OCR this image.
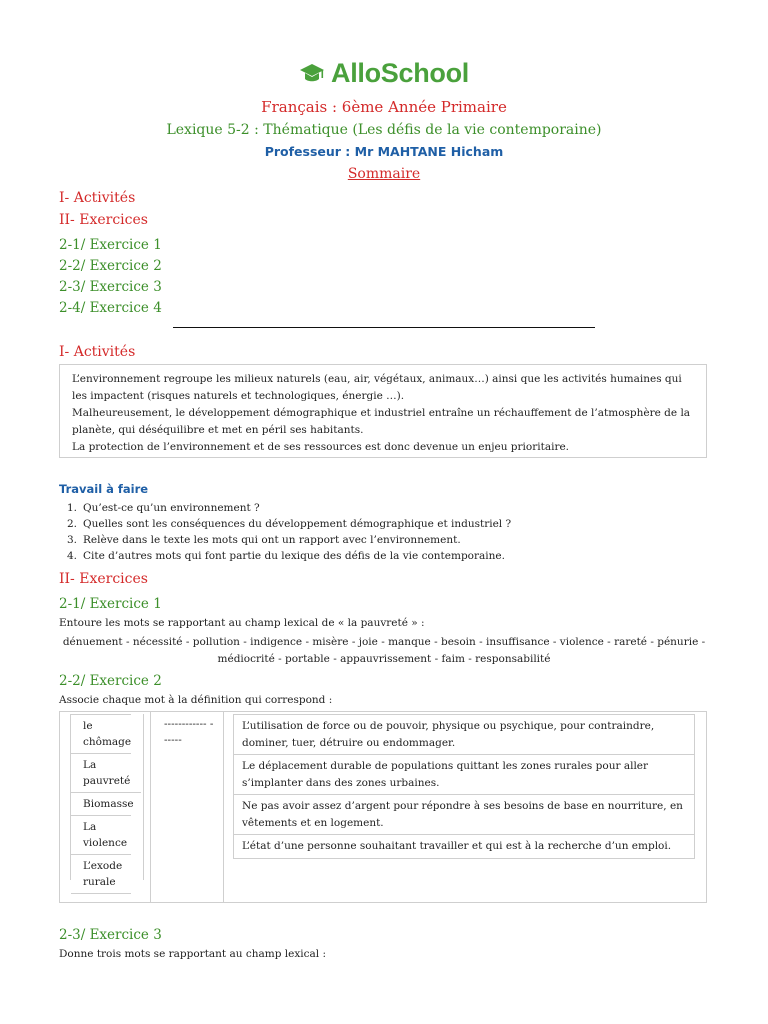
AlloSchool
Français : 6ème Année Primaire
Lexique 5-2 : Thématique (Les défis de la vie contemporaine)
Professeur : Mr MAHTANE Hicham
Sommaire
I- Activités
II- Exercices
2-1/ Exercice 1
2-2/ Exercice 2
2-3/ Exercice 3
2-4/ Exercice 4
I- Activités

L’environnement regroupe les milieux naturels (eau, air, végétaux, animaux…) ainsi que les activités humaines qui les impactent (risques naturels et technologiques, énergie …).

Malheureusement, le développement démographique et industriel entraîne un réchauffement de l’atmosphère de la planète, qui déséquilibre et met en péril ses habitants.

La protection de l’environnement et de ses ressources est donc devenue un enjeu prioritaire.

Travail à faire
1. Qu’est-ce qu’un environnement ?
2. Quelles sont les conséquences du développement démographique et industriel ?
3. Relève dans le texte les mots qui ont un rapport avec l’environnement.
4. Cite d’autres mots qui font partie du lexique des défis de la vie contemporaine.
II- Exercices
2-1/ Exercice 1
Entoure les mots se rapportant au champ lexical de « la pauvreté » :
dénuement - nécessité - pollution - indigence - misère - joie - manque - besoin - insuffisance - violence - rareté - pénurie -
médiocrité - portable - appauvrissement - faim - responsabilité
2-2/ Exercice 2
Associe chaque mot à la définition qui correspond :
le chômage
La pauvreté
Biomasse
La violence
L’exode rurale
------------ ------
L’utilisation de force ou de pouvoir, physique ou psychique, pour contraindre, dominer, tuer, détruire ou endommager.
Le déplacement durable de populations quittant les zones rurales pour aller s’implanter dans des zones urbaines.
Ne pas avoir assez d’argent pour répondre à ses besoins de base en nourriture, en vêtements et en logement.
L’état d’une personne souhaitant travailler et qui est à la recherche d’un emploi.
2-3/ Exercice 3
Donne trois mots se rapportant au champ lexical :
